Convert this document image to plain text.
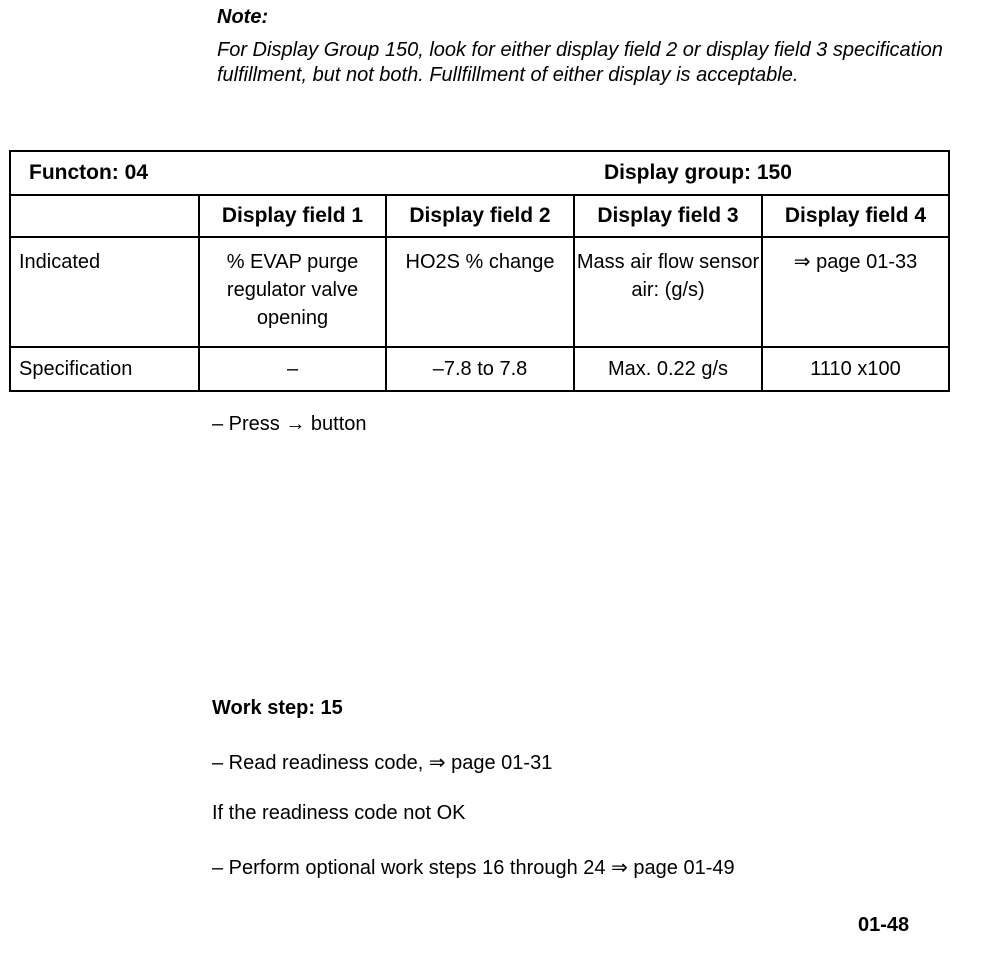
Note:
For Display Group 150, look for either display field 2 or display field 3 specification fulfillment, but not both. Fullfillment of either display is acceptable.
Functon: 04 Display group: 150				

	Display field 1	Display field 2	Display field 3	Display field 4
Indicated	% EVAP purge regulator valve opening	HO2S % change	Mass air flow sensor air: (g/s)	⇒ page 01-33
Specification	–	–7.8 to 7.8	Max. 0.22 g/s	1110 x100
– Press → button
Work step: 15
– Read readiness code, ⇒ page 01-31
If the readiness code not OK
– Perform optional work steps 16 through 24 ⇒ page 01-49
01-48
